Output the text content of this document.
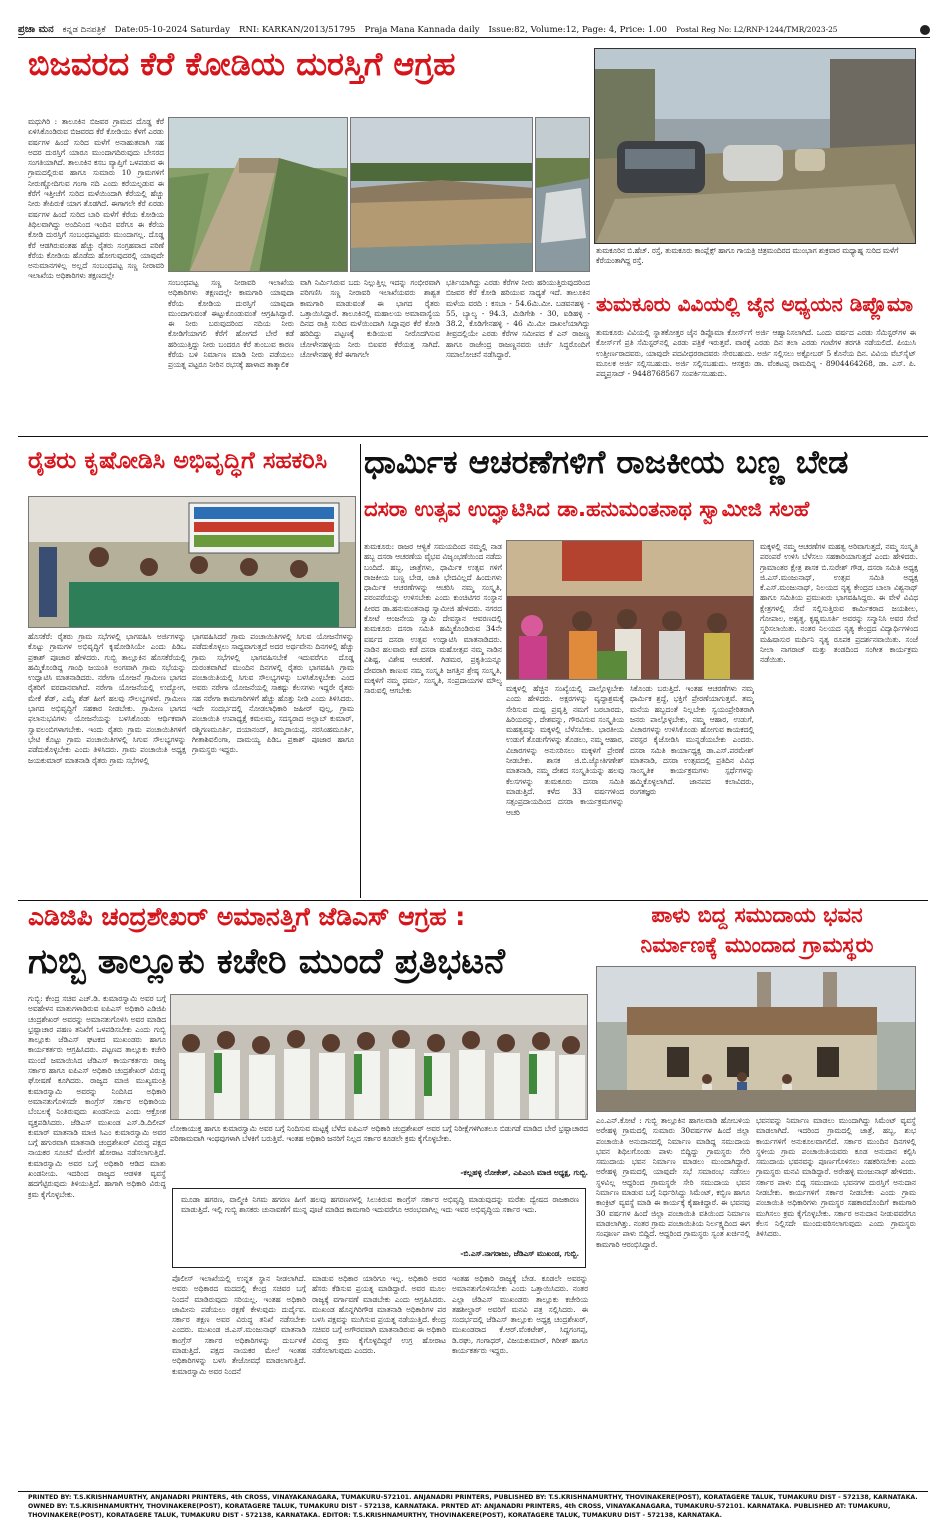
ಪ್ರಜಾ ಮನ ಕನ್ನಡ ದಿನಪತ್ರಿಕೆ Date:05-10-2024 Saturday RNI: KARKAN/2013/51795 Praja Mana Kannada daily Issue:82, Volume:12, Page: 4, Price: 1.00 Postal Reg No: L2/RNP-1244/TMR/2023-25
ಬಿಜವರದ ಕೆರೆ ಕೋಡಿಯ ದುರಸ್ತಿಗೆ ಆಗ್ರಹ
ಮಧುಗಿರಿ : ತಾಲೂಕಿನ ಬಿಜವರ ಗ್ರಾಮದ ದೊಡ್ಡ ಕೆರೆ ಏಳಿಸಿಕೊಂಡಿರುವ ಬಿಜವರದ ಕೆರೆ ಕೋಡಿಯು ಕೆಳಗೆ ಎರಡು ವರ್ಷಗಳ ಹಿಂದೆ ಸುರಿದ ಮಳೆಗೆ ಅನಾಹುತವಾಗಿ ಸಹ ಅದರ ದುರಸ್ತಿಗೆ ಯಾರೂ ಮುಂದಾಗದಿರುವುದು ಬೇಸರದ ಸಂಗತಿಯಾಗಿದೆ. ತಾಲೂಕಿನ ಕಸಬ ವ್ಯಾಪ್ತಿಗೆ ಒಳಪಡುವ ಈ ಗ್ರಾಮದಲ್ಲಿರುವ ಹಾಗೂ ಸುಮಾರು 10 ಗ್ರಾಮಗಳಿಗೆ ನೀರುಣ್ಣೋದಿಗುವ ಗಂಗಾ ನದಿ ಎಂದು ಕರೆಯಲ್ಪಡುವ ಈ ಕೆರೆಗೆ ಇತ್ತೀಚೆಗೆ ಸುರಿದ ಮಳೆಯಿಂದಾಗಿ ಕೆರೆಯಲ್ಲಿ ಹೆಚ್ಚು ನೀರು ತೇಪಿರುಕೆ ಯಾಗ ತೊಡಗಿದೆ. ಈಗಾಗಲೇ ಕೆರೆ ಏರಡು ವರ್ಷಗಳ ಹಿಂದೆ ಸುರಿದ ಬಾರಿ ಮಳೆಗೆ ಕೆರೆಯ ಕೋಡಿಯ ತಿಥಿಲವಾಗಿದ್ದು ಅಂದಿನಿಂದ ಇಂದಿನ ವರೆಗೂ ಈ ಕೆರೆಯ ಕೋಡಿ ದುರಸ್ತಿಗೆ ಸಂಬಂಧಪಟ್ಟವರು ಮುಂದಾಗಲ್ಲ. ದೊಡ್ಡ ಕೆರೆ ಆಡಗಿರುವಂತಹ ಹೆಚ್ಚು ರೈತರು ಸಂಗ್ರಹವಾದ ಪರಿಣೆ ಕೆರೆಯ ಕೋಡಿಯ ಹೊಡೆದು ಹೋಗುವುದರಲ್ಲಿ ಯಾವುದೇ ಅನುಮಾನಗಳಿಲ್ಲ ಅಲ್ಲದೆ ಸಂಬಂಧಪಟ್ಟ ಸಣ್ಣ ನೀರಾವರಿ ಇಲಾಖೆಯ ಅಧಿಕಾರಿಗಳು ತಕ್ಷಣದಲ್ಲೇ
ಸಂಬಂಧಪಟ್ಟ ಸಣ್ಣ ನೀರಾವರಿ ಇಲಾಖೆಯ ಅಧಿಕಾರಿಗಳು ತಕ್ಷಣದಲ್ಲೇ ಕಾಮಗಾರಿ ಯಾವುದಾ ಕೆರೆಯ ಕೋಡಿಯ ದುರಸ್ತಿಗೆ ಯಾವುದಾ ಮುಂದಾಗುವಂತೆ ಈಟ್ಟುಕೊಂಡುವಂತೆ ಆಗ್ರಹಿಸಿದ್ದಾರೆ. ಈ ನೀರು ಬರುವುದರಿಂದ ನದಿಯ ನೀರು ಕೋಡಿಗೆಯಾಗಲಿ ಕೆರೆಗೆ ಹೋಗದೆ ಬೇರೆ ಕಡೆ ಹರಿಯುತ್ತಿದ್ದು ನೀರು ಬಂದರೂ ಕೆರೆ ತುಂಬುವ ಕಾರಣ ಕೆರೆಯ ಬಳಿ ನಿರ್ಮಾಣ ಮಾಡಿ ನೀರು ಪಡೆಯಲು ಪ್ರಯತ್ನ ಪಟ್ಟರೂ ನೀರಿನ ರಭಸಕ್ಕೆ ಹಾಳಾದ ತಾತ್ಕಾಲಿಕ
ವಾಗಿ ನಿರ್ಮಿಸಿರುವ ಬದು ನಿಲ್ಲುತ್ತಿಲ್ಲ ಇದನ್ನು ಗಂಭೀರವಾಗಿ ಪರಿಗಣಿಸಿ ಸಣ್ಣ ನೀರಾವರಿ ಇಲಾಖೆಯವರು ಶಾಶ್ವತ ಕಾಮಗಾರಿ ಮಾಡುವಂತೆ ಈ ಭಾಗದ ರೈತರು ಒತ್ತಾಯಿಸಿದ್ದಾರೆ. ತಾಲೂಕಿನಲ್ಲಿ ಮಹಾಲಯ ಅಮಾವಾಸ್ಯೆಯ ದಿನದ ರಾತ್ರಿ ಸುರಿದ ಮಳೆಯಿಂದಾಗಿ ಸಿದ್ದಾಪುರ ಕೆರೆ ಕೋಡಿ ಹರಿದಿದ್ದು ಪಟ್ಟಣಕ್ಕೆ ಕುಡಿಯುವ ನೀರೊದಗಿಸುವ ಚೋಳೇನಹಳ್ಳಿಯ ನೀರು ಬಿಐವರ ಕೆರೆಯತ್ತ ಸಾಗಿದೆ. ಚೋಳೇನಹಳ್ಳಿ ಕೆರೆ ಈಗಾಗಲೇ
ಭರ್ತಿಯಾಗಿದ್ದು ಎರಡು ಕೆರೆಗಳ ನೀರು ಹರಿಯುತ್ತಿರುವುದರಿಂದ ಬಿಜವರ ಕೆರೆ ಕೋಡಿ ಹರಿಯುವ ಸಾಧ್ಯತೆ ಇದೆ. ತಾಲೂಕಿನ ಮಳೆಯ ವರದಿ : ಕಸಬಾ - 54.6ಮಿ.ಮೀ. ಬಡವನಹಳ್ಳಿ - 55, ಬ್ಯಾಲ್ಯ - 94.3, ಮಿಡಿಗೇಶಿ - 30, ಐಡಿಹಳ್ಳಿ - 38.2, ಕೊಡಿಗೇನಹಳ್ಳಿ - 46 ಮಿ.ಮೀ ದಾಖಲೆಯಾಗಿದ್ದು ತೀವ್ರದಲ್ಲಿಯೇ ಎರಡು ಕೆರೆಗಳ ಸಮೀಪದ ಕೆ ಎನ್ ರಾಜಣ್ಣ ಹಾಗೂ ರಾಜೇಂದ್ರ ರಾಜಣ್ಣನವರು ಚರ್ಚೆ ಸಿದ್ಧರೊಂದಿಗೆ ಸಮಾಲೋಚನೆ ನಡೆಸಿದ್ದಾರೆ.
ತುಮಕೂರಿನ ಬಿ.ಹೆಚ್. ರಸ್ತೆ, ತುಮಕೂರು ಕಾಂಪ್ಲೆಕ್ಸ್ ಹಾಗೂ ಗಾಯತ್ರಿ ಚಿತ್ರಮಂದಿರದ ಮುಂಭಾಗ ಶುಕ್ರವಾರ ಮಧ್ಯಾಹ್ನ ಸುರಿದ ಮಳೆಗೆ ಕೆರೆಯಂತಾಗಿದ್ದ ರಸ್ತೆ.
ತುಮಕೂರು ವಿವಿಯಲ್ಲಿ ಜೈನ ಅಧ್ಯಯನ ಡಿಪ್ಲೊಮಾ
ತುಮಕೂರು ವಿವಿಯಲ್ಲಿ ಸ್ನಾತಕೋತ್ತರ ಜೈನ ಡಿಪ್ಲೊಮಾ ಕೋರ್ಸ್‌ಗೆ ಅರ್ಜಿ ಆಹ್ವಾನಿಸಲಾಗಿದೆ. ಒಂದು ವರ್ಷದ ಎರಡು ಸೆಮಿಸ್ಟರ್‌ಗಳ ಈ ಕೋರ್ಸ್‌ಗೆ ಪ್ರತಿ ಸೆಮಿಸ್ಟರ್‌ನಲ್ಲಿ ಎರಡು ಪತ್ರಿಕೆ ಇರುತ್ತವೆ. ವಾರಕ್ಕೆ ಎರಡು ದಿನ ತಲಾ ಎರಡು ಗಂಟೆಗಳ ತರಗತಿ ನಡೆಯಲಿದೆ. ಪಿಯುಸಿ ಉತ್ತೀರ್ಣರಾದವರು, ಯಾವುದೇ ಪದವೀಧರರಾದವರು ಸೇರಬಹುದು. ಅರ್ಜಿ ಸಲ್ಲಿಸಲು ಅಕ್ಟೋಬರ್ 5 ಕೊನೆಯ ದಿನ. ವಿವಿಯ ವೆಬ್‌ಸೈಟ್ ಮೂಲಕ ಅರ್ಜಿ ಸಲ್ಲಿಸಬಹುದು. ಅರ್ಜಿ ಸಲ್ಲಿಸಬಹುದು. ಆಸಕ್ತರು ಡಾ. ವೆಂಕಟಪ್ಪ ರಾಮದಿನ್ನ - 8904464268, ಡಾ. ಎಸ್. ಪಿ. ಪದ್ಮಪ್ರಸಾದ್ - 9448768567 ಸಂಪರ್ಕಿಸಬಹುದು.
ರೈತರು ಕೃಷೋಡಿಸಿ ಅಭಿವೃದ್ಧಿಗೆ ಸಹಕರಿಸಿ
ಹೊಸಕೆರೆ: ರೈತರು ಗ್ರಾಮ ಸಭೆಗಳಲ್ಲಿ ಭಾಗವಹಿಸಿ ಅರ್ಜಿಗಳನ್ನು ಕೊಟ್ಟು ಗ್ರಾಮಗಳ ಅಭಿವೃದ್ಧಿಗೆ ಕೃಷೋಡಿಸಿಯೇ ಎಂದು ಪಿಡಿಒ ಪ್ರಕಾಶ್ ಪೂಜಾರ ಹೇಳಿದರು. ಗುಬ್ಬಿ ತಾಲ್ಲೂಕಿನ ಹೊಸಕೆರೆಯಲ್ಲಿ ಹಮ್ಮಿಕೊಂಡಿದ್ದ ಗಾಂಧಿ ಜಯಂತಿ ಅಂಗವಾಗಿ ಗ್ರಾಮ ಸಭೆಯನ್ನು ಉದ್ಘಾಟಿಸಿ ಮಾತನಾಡಿದರು. ನರೇಗಾ ಯೋಜನೆ ಗ್ರಾಮೀಣ ಭಾಗದ ರೈತರಿಗೆ ವರದಾನವಾಗಿದೆ. ನರೇಗಾ ಯೋಜನೆಯಲ್ಲಿ ಉದ್ಯೋಗ, ಮೇಕೆ ಶೆಡ್, ಎಮ್ಮೆ ಶೆಡ್ ಹೀಗೆ ಹಲವು ಸೌಲಭ್ಯಗಳಿವೆ. ಗ್ರಾಮೀಣ ಭಾಗದ ಅಭಿವೃದ್ಧಿಗೆ ಸಹಕಾರ ನೀಡಬೇಕು. ಗ್ರಾಮೀಣ ಭಾಗದ ಫಲಾನುಭವಿಗಳು ಯೋಜನೆಯನ್ನು ಬಳಸಿಕೊಂಡು ಆರ್ಥಿಕವಾಗಿ ಸ್ವಾವಲಂಬಿಗಳಾಗಬೇಕು. ಇಂದು ರೈತರು ಗ್ರಾಮ ಪಂಚಾಯಿತಿಗಳಿಗೆ ಭೇಟಿ ಕೊಟ್ಟು ಗ್ರಾಮ ಪಂಚಾಯಿತಿಗಳಲ್ಲಿ ಸಿಗುವ ಸೌಲಭ್ಯಗಳನ್ನು ಪಡೆದುಕೊಳ್ಳಬೇಕು ಎಂದು ತಿಳಿಸಿದರು. ಗ್ರಾಮ ಪಂಚಾಯಿತಿ ಅಧ್ಯಕ್ಷ ಜಯಕುಮಾರ್ ಮಾತನಾಡಿ ರೈತರು ಗ್ರಾಮ ಸಭೆಗಳಲ್ಲಿ
ಭಾಗವಹಿಸಿದರೆ ಗ್ರಾಮ ಪಂಚಾಯಿತಿಗಳಲ್ಲಿ ಸಿಗುವ ಯೋಜನೆಗಳನ್ನು ಪಡೆದುಕೊಳ್ಳಲು ಸಾಧ್ಯವಾಗುತ್ತದೆ ಅದರ ಅರ್ಥವೇನು ದಿನಗಳಲ್ಲಿ ಹೆಚ್ಚು ಗ್ರಾಮ ಸಭೆಗಳಲ್ಲಿ ಭಾಗವಹಿಸಬೇಕೆ ಇದುವರೆಗೂ ದೊಡ್ಡ ದುರಂತವಾಗಿದೆ ಮುಂದಿನ ದಿನಗಳಲ್ಲಿ ರೈತರು ಭಾಗವಹಿಸಿ ಗ್ರಾಮ ಪಂಚಾಯಿತಿಯಲ್ಲಿ ಸಿಗುವ ಸೌಲಭ್ಯಗಳನ್ನು ಬಳಸಿಕೊಳ್ಳಬೇಕು ಎಂದ ಅವರು ನರೇಗಾ ಯೋಜನೆಯಲ್ಲಿ ಸಾಕಷ್ಟು ಕೆಲಸಗಳು ಇದ್ದರೇ ರೈತರು ಸಹ ನರೇಗಾ ಕಾಮಗಾರಿಗಳಿಗೆ ಹೆಚ್ಚು ಹೊತ್ತು ನೀಡಿ ಎಂದು ತಿಳಿಸಿದರು. ಇದೇ ಸಂದರ್ಭದಲ್ಲಿ ನೋಡಲಾಧಿಕಾರಿ ಜಹೀರ್ ವುಲ್ಲ, ಗ್ರಾಮ ಪಂಚಾಯಿತಿ ಉಪಾಧ್ಯಕ್ಷೆ ಕಮಲಮ್ಮ, ಸದಸ್ಯರಾದ ಅಲ್ಲಾಬ್ ಕುಮಾರ್, ರಶ್ಮಿಗಣಮೂರ್ತಿ, ದಯಾನಂದ್, ತಿಮ್ಮರಾಯಪ್ಪ, ನರಸಿಂಹಮೂರ್ತಿ, ಗೀತಾಶಿವಲಿಂಗಾ, ದಾಮಯ್ಯ ಪಿಡಿಒ ಪ್ರಕಾಶ್ ಪೂಜಾರ ಹಾಗೂ ಗ್ರಾಮಸ್ಥರು ಇದ್ದರು.
ಧಾರ್ಮಿಕ ಆಚರಣೆಗಳಿಗೆ ರಾಜಕೀಯ ಬಣ್ಣ ಬೇಡ
ದಸರಾ ಉತ್ಸವ ಉದ್ಘಾಟಿಸಿದ ಡಾ.ಹನುಮಂತನಾಥ ಸ್ವಾಮೀಜಿ ಸಲಹೆ
ತುಮಕೂರು: ರಾಜರ ಆಳ್ವಿಕೆ ಸಮಯದಿಂದ ನಮ್ಮಲ್ಲಿ ನಾಡ ಹಬ್ಬ ದಸರಾ ಆಚರಣೆಯ ವೈಭವ ವಿಜೃಂಭಣೆಯಿಂದ ನಡೆದು ಬಂದಿದೆ. ಹಬ್ಬ, ಜಾತ್ರೆಗಳು, ಧಾರ್ಮಿಕ ಉತ್ಸವ ಗಳಿಗೆ ರಾಜಕೀಯ ಬಣ್ಣ ಬೇಡ, ಜಾತಿ ಭೇದವಿಲ್ಲದೆ ಹಿಂದುಗಳು ಧಾರ್ಮಿಕ ಆಚರಣೆಗಳನ್ನು ಆಚರಿಸಿ ನಮ್ಮ ಸಂಸ್ಕೃತಿ, ಪರಂಪರೆಯನ್ನು ಉಳಿಸಬೇಕು ಎಂದು ಕುಂಚಿಟಿಗರ ಸಂಸ್ಥಾನ ಪೀಠದ ಡಾ.ಹನುಮಂತನಾಥ ಸ್ವಾಮೀಜಿ ಹೇಳಿದರು. ನಗರದ ಕೋಟೆ ಆಂಜನೇಯ ಸ್ವಾಮಿ ದೇವಸ್ಥಾನ ಆವರಣದಲ್ಲಿ ತುಮಕೂರು ದಸರಾ ಸಮಿತಿ ಹಮ್ಮಿಕೊಂಡಿರುವ 34ನೇ ವರ್ಷದ ದಸರಾ ಉತ್ಸವ ಉದ್ಘಾಟಿಸಿ ಮಾತನಾಡಿದರು. ನಾಡಿನ ಹಲವಾರು ಕಡೆ ದಸರಾ ಮಹೋತ್ಸವ ನಮ್ಮ ನಾಡಿನ ವಿಶಿಷ್ಟ, ವಿಶೇಷ ಆಚರಣೆ. ಗಿಡಮರ, ಪ್ರಕೃತಿಯನ್ನೂ ದೇವರಾಗಿ ಕಾಣುವ ನಮ್ಮ ಸಂಸ್ಕೃತಿ ಜಗತ್ತಿನ ಶ್ರೇಷ್ಠ ಸಂಸ್ಕೃತಿ, ಮಕ್ಕಳಿಗೆ ನಮ್ಮ ಧರ್ಮ, ಸಂಸ್ಕೃತಿ, ಸಂಪ್ರದಾಯಗಳ ಮೌಲ್ಯ ಸಾರುವಲ್ಲಿ ಆಗಬೇಕು	ಮಕ್ಕಳಲ್ಲಿ ಹೆಚ್ಚಿನ ಸಂಖ್ಯೆಯಲ್ಲಿ ಪಾಲ್ಗೊಳ್ಳಬೇಕು ಎಂದು ಹೇಳಿದರು. ಅಕ್ಷರಗಳನ್ನು ವೃದ್ಧಾಶ್ರಮಕ್ಕೆ ಸೇರಿಸುವ ದುಷ್ಟ ಪ್ರವೃತ್ತಿ ನಮಗೆ ಬರಬಾರದು, ಹಿರಿಯರನ್ನು, ದೇಶವನ್ನು, ಗೌರವಿಸುವ ಸಂಸ್ಕೃತಿಯ ಮಹತ್ವವನ್ನು ಮಕ್ಕಳಲ್ಲಿ ಬೆಳೆಸಬೇಕು. ಭಾರತೀಯ ಉಡುಗೆ ತೊಡುಗೆಗಳನ್ನು ತೊಡಲು, ನಮ್ಮ ಆಹಾರ, ವಿಚಾರಗಳನ್ನು ಅನುಸರಿಸಲು ಮಕ್ಕಳಿಗೆ ಪ್ರೇರಣೆ ನೀಡಬೇಕು. ಶಾಸಕ ಜಿ.ಬಿ.ಜ್ಯೋತಿಗಣೇಶ್ ಮಾತನಾಡಿ, ನಮ್ಮ ದೇಶದ ಸಂಸ್ಕೃತಿಯನ್ನು ಹಲವು ಕೆಲಸಗಳನ್ನು ತುಮಕೂರು ದಸರಾ ಸಮಿತಿ ಮಾಡುತ್ತಿದೆ. ಕಳೆದ 33 ವರ್ಷಗಳಿಂದ ಸತ್ಸಂಪ್ರದಾಯದಿಂದ ದಸರಾ ಕಾರ್ಯಕ್ರಮಗಳನ್ನು ಆಚರಿ
ಸಿಕೊಂಡು ಬರುತ್ತಿದೆ. ಇಂತಹ ಆಚರಣೆಗಳು ನಮ್ಮ ಧಾರ್ಮಿಕ ಶ್ರದ್ಧೆ, ಭಕ್ತಿಗೆ ಪ್ರೇರಣೆಯಾಗುತ್ತವೆ. ತಮ್ಮ ಮನೆಯ ಹಬ್ಬದಂತೆ ನಿಲ್ಲಬೇಕು ಸ್ವಯಂಪ್ರೇರಿತರಾಗಿ ಜನರು ಪಾಲ್ಗೊಳ್ಳಬೇಕು, ನಮ್ಮ ಆಹಾರ, ಉಡುಗೆ, ವಿಚಾರಗಳನ್ನು ಉಳಿಸಿಕೊಂಡು ಹೋಗುವ ಕಾಯಕದಲ್ಲಿ ಪರಸ್ಪರ ಕೈಜೋಡಿಸಿ ಮುನ್ನಡೆಯಬೇಕು ಎಂದರು. ದಸರಾ ಸಮಿತಿ ಕಾರ್ಯಾಧ್ಯಕ್ಷ ಡಾ.ಎಸ್.ಪರಮೇಶ್ ಮಾತನಾಡಿ, ದಸರಾ ಉತ್ಸವದಲ್ಲಿ ಪ್ರತಿದಿನ ವಿವಿಧ ಸಾಂಸ್ಕೃತಿಕ ಕಾರ್ಯಕ್ರಮಗಳು ಸ್ಪರ್ಧೆಗಳನ್ನು ಹಮ್ಮಿಕೊಳ್ಳಲಾಗಿದೆ. ಜಾನಪದ ಕಲಾವಿದರು, ರಂಗತಜ್ಞರು
ಮಕ್ಕಳಲ್ಲಿ ನಮ್ಮ ಆಚರಣೆಗಳ ಮಹತ್ವ ಅರಿವಾಗುತ್ತದೆ, ನಮ್ಮ ಸಂಸ್ಕೃತಿ ಪರಂಪರೆ ಉಳಿಸಿ ಬೆಳೆಸಲು ಸಹಕಾರಿಯಾಗುತ್ತದೆ ಎಂದು ಹೇಳಿದರು. ಗ್ರಾಮಾಂತರ ಕ್ಷೇತ್ರ ಶಾಸಕ ಬಿ.ಸುರೇಶ್ ಗೌಡ, ದಸರಾ ಸಮಿತಿ ಅಧ್ಯಕ್ಷ ಜಿ.ಎಸ್.ಮಂಜುನಾಥ್, ಉತ್ಸವ ಸಮಿತಿ ಅಧ್ಯಕ್ಷ ಕೆ.ಎಸ್.ಮಂಜುನಾಥ್, ನಿಲಯದ ನೃತ್ಯ ಕೇಂದ್ರದ ಬಾಲಾ ವಿಶ್ವನಾಥ್ ಹಾಗೂ ಸಮಿತಿಯ ಪ್ರಮುಖರು ಭಾಗವಹಿಸಿದ್ದರು. ಈ ವೇಳೆ ವಿವಿಧ ಕ್ಷೇತ್ರಗಳಲ್ಲಿ ಸೇವೆ ಸಲ್ಲಿಸುತ್ತಿರುವ ಕಾರ್ಮಿಕರಾದ ಜಯಶೀಲ, ಗೋಪಾಲ, ಅಶ್ವತ್ಥ, ಕೃಷ್ಣಮೂರ್ತಿ ಅವರನ್ನು ಸನ್ಮಾನಿಸಿ ಅವರ ಸೇವೆ ಸ್ಮರಿಸಲಾಯಿತು. ನಂತರ ನಿಲಯದ ನೃತ್ಯ ಕೇಂದ್ರದ ವಿದ್ಯಾರ್ಥಿಗಳಿಂದ ಮಹಿಷಾಸುರ ಮರ್ದಿನಿ ನೃತ್ಯ ರೂಪಕ ಪ್ರದರ್ಶನವಾಯಿತು. ಸಂಜೆ ನೀಲಾ ನಾಗರಾಜ್ ಮತ್ತು ತಂಡದಿಂದ ಸಂಗೀತ ಕಾರ್ಯಕ್ರಮ ನಡೆಯಿತು.
ಎಡಿಜಿಪಿ ಚಂದ್ರಶೇಖರ್ ಅಮಾನತ್ತಿಗೆ ಜೆಡಿಎಸ್ ಆಗ್ರಹ :
ಗುಬ್ಬಿ ತಾಲ್ಲೂಕು ಕಚೇರಿ ಮುಂದೆ ಪ್ರತಿಭಟನೆ
ಗುಬ್ಬಿ: ಕೇಂದ್ರ ಸಚಿವ ಎಚ್.ಡಿ. ಕುಮಾರಸ್ವಾಮಿ ಅವರ ಬಗ್ಗೆ ಅವಹೇಳನ ಮಾತುಗಳಾಡಿರುವ ಐಪಿಎಸ್ ಅಧಿಕಾರಿ ಎಡಿಜಿಪಿ ಚಂದ್ರಶೇಖರ್ ಅವರನ್ನು ಅಮಾನತುಗೊಳಿಸಿ ಅವರ ಮಾಡಿದ ಭ್ರಷ್ಟಾಚಾರ ಪಹಣ ತನಿಖೆಗೆ ಒಳಪಡಿಸಬೇಕು ಎಂದು ಗುಬ್ಬಿ ತಾಲ್ಲೂಕು ಜೆಡಿಎಸ್ ಘಟಕದ ಮುಖಂಡರು ಹಾಗೂ ಕಾರ್ಯಕರ್ತರು ಆಗ್ರಹಿಸಿದರು. ಪಟ್ಟಣದ ತಾಲ್ಲೂಕು ಕಚೇರಿ ಮುಂದೆ ಜಮಾಯಿಸಿದ ಜೆಡಿಎಸ್ ಕಾರ್ಯಕರ್ತರು ರಾಜ್ಯ ಸರ್ಕಾರ ಹಾಗೂ ಐಪಿಎಸ್ ಅಧಿಕಾರಿ ಚಂದ್ರಶೇಖರ್ ವಿರುದ್ಧ ಘೋಷಣೆ ಕೂಗಿದರು. ರಾಜ್ಯದ ಮಾಜಿ ಮುಖ್ಯಮಂತ್ರಿ ಕುಮಾರಸ್ವಾಮಿ ಅವರನ್ನು ನಿಂದಿಸಿದ ಅಧಿಕಾರಿ ಅಮಾನತುಗೊಳಿಸದೇ ಕಾಂಗ್ರೆಸ್ ಸರ್ಕಾರ ಅಧಿಕಾರಿಯ ಬೆಂಬಲಕ್ಕೆ ನಿಂತಿರುವುದು ಖಂಡನೀಯ ಎಂದು ಆಕ್ರೋಶ ವ್ಯಕ್ತಪಡಿಸಿದರು. ಜೆಡಿಎಸ್ ಮುಖಂಡ ಎಸ್.ಡಿ.ದಿಲೀಪ್ ಕುಮಾರ್ ಮಾತನಾಡಿ ಮಾಜಿ ಸಿಎಂ ಕುಮಾರಸ್ವಾಮಿ ಅವರ ಬಗ್ಗೆ ಹಗುರವಾಗಿ ಮಾತನಾಡಿ ಚಂದ್ರಶೇಖರ್ ವಿರುದ್ಧ ಪಕ್ಷದ ನಾಯಕರ ಸೂಚನೆ ಮೇರೆಗೆ ಹೋರಾಟ ನಡೆಸಲಾಗುತ್ತಿದೆ. ಕುಮಾರಸ್ವಾಮಿ ಅವರ ಬಗ್ಗೆ ಅಧಿಕಾರಿ ಆಡಿದ ಮಾತು ಖಂಡನೀಯ. ಇದರಿಂದ ರಾಜ್ಯದ ಆಡಳಿತ ವ್ಯವಸ್ಥೆ ಹದಗೆಟ್ಟಿರುವುದು ತಿಳಿಯುತ್ತಿದೆ. ಹಾಗಾಗಿ ಅಧಿಕಾರಿ ವಿರುದ್ಧ ಕ್ರಮ ಕೈಗೊಳ್ಳಬೇಕು.
ಲೋಕಾಯುಕ್ತ ಹಾಗೂ ಕುಮಾರಸ್ವಾಮಿ ಅವರ ಬಗ್ಗೆ ನಿಂದಿಸುವ ಮಟ್ಟಕ್ಕೆ ಬೆಳೆದ ಐಪಿಎಸ್ ಅಧಿಕಾರಿ ಚಂದ್ರಶೇಖರ್ ಅವರ ಬಗ್ಗೆ ನಿರೀಕ್ಷೆಗಳಿಗಿಂತಲೂ ಬಿಡುಗಡೆ ಮಾಡಿದ ಬೇರೆ ಭ್ರಷ್ಟಾಚಾರದ ಪರಿಣಾಮವಾಗಿ ಇಂಥವುಗಳಾಗಿ ಬೆಳಕಿಗೆ ಬರುತ್ತಿವೆ. ಇಂತಹ ಅಧಿಕಾರಿ ಜನರಿಗೆ ನಿಲ್ಲದ ಸರ್ಕಾರ ಕೂಡಲೇ ಕ್ರಮ ಕೈಗೊಳ್ಳಬೇಕು.
-ಕಲ್ಲಹಳ್ಳಿ ಲೋಕೇಶ್, ಎಪಿಎಂಸಿ ಮಾಜಿ ಅಧ್ಯಕ್ಷ, ಗುಬ್ಬಿ.
ಮೂಡಾ ಹಗರಣ, ವಾಲ್ಮೀಕಿ ನಿಗಮ ಹಗರಣ ಹೀಗೆ ಹಲವು ಹಗರಣಗಳಲ್ಲಿ ಸಿಲುಕಿರುವ ಕಾಂಗ್ರೆಸ್ ಸರ್ಕಾರ ಅಭಿವೃದ್ಧಿ ಮಾಡುವುದನ್ನು ಮರೆತು ದ್ವೇಷದ ರಾಜಕಾರಣ ಮಾಡುತ್ತಿದೆ. ಇಲ್ಲಿ ಗುಬ್ಬಿ ಶಾಸಕರು ಚುನಾವಣೆಗೆ ಮುನ್ನ ಪೂಜೆ ಮಾಡಿದ ಕಾಮಗಾರಿ ಇದುವರೆಗೂ ಆರಂಭವಾಗಿಲ್ಲ ಇದು ಇವರ ಅಭಿವೃದ್ಧಿಯ ಸರ್ಕಾರ ಇದು.
-ಬಿ.ಎಸ್.ನಾಗರಾಜು, ಜೆಡಿಎಸ್ ಮುಖಂಡ, ಗುಬ್ಬಿ.
ಪೊಲೀಸ್ ಇಲಾಖೆಯಲ್ಲಿ ಉನ್ನತ ಸ್ಥಾನ ನೀಡಲಾಗಿದೆ. ಅವರು ಅಧಿಕಾರದ ಮದದಲ್ಲಿ ಕೇಂದ್ರ ಸಚಿವರ ಬಗ್ಗೆ ನಿಂದನೆ ಮಾಡಿರುವುದು ಸರಿಯಲ್ಲ. ಇಂತಹ ಅಧಿಕಾರಿ ಜಾಮೀನು ಪಡೆಯಲು ರಕ್ಷಣೆ ಕೇಳುವುದು ದುರ್ದೈವ. ಸರ್ಕಾರ ತಕ್ಷಣ ಅವರ ವಿರುದ್ಧ ತನಿಖೆ ನಡೆಸಬೇಕು ಎಂದರು. ಮುಖಂಡ ಜಿ.ಎಸ್.ಮಂಜುನಾಥ್ ಮಾತನಾಡಿ ಕಾಂಗ್ರೆಸ್ ಸರ್ಕಾರ ಅಧಿಕಾರಿಗಳನ್ನು ದುರ್ಬಳಕೆ ಮಾಡುತ್ತಿದೆ. ಪಕ್ಷದ ನಾಯಕರ ಮೇಲೆ ಇಂತಹ ಅಧಿಕಾರಿಗಳನ್ನು ಬಳಸಿ ತೇಜೋವಧೆ ಮಾಡಲಾಗುತ್ತಿದೆ. ಕುಮಾರಸ್ವಾಮಿ ಅವರ ನಿಂದನೆ
ಮಾಡುವ ಅಧಿಕಾರ ಯಾರಿಗೂ ಇಲ್ಲ. ಅಧಿಕಾರಿ ಅವರ ಹೆಸರು ಕೆಡಿಸುವ ಪ್ರಯತ್ನ ಮಾಡಿದ್ದಾರೆ. ಅವರ ಮೂಲ ರಾಜ್ಯಕ್ಕೆ ವರ್ಗಾವಣೆ ಮಾಡಬೇಕು ಎಂದು ಆಗ್ರಹಿಸಿದರು. ಮುಖಂಡ ಹೊನ್ನಗಿರಿಗೌಡ ಮಾತನಾಡಿ ಅಧಿಕಾರಿಗಳ ಪರ ಬಳಸಿ ಪಕ್ಷವನ್ನು ಮುಗಿಸುವ ಪ್ರಯತ್ನ ನಡೆಯುತ್ತಿದೆ. ಕೇಂದ್ರ ಸಚಿವರ ಬಗ್ಗೆ ಅಗೌರವವಾಗಿ ಮಾತನಾಡಿರುವ ಈ ಅಧಿಕಾರಿ ವಿರುದ್ಧ ಕ್ರಮ ಕೈಗೊಳ್ಳದಿದ್ದರೆ ಉಗ್ರ ಹೋರಾಟ ನಡೆಸಲಾಗುವುದು ಎಂದರು.
ಇಂತಹ ಅಧಿಕಾರಿ ರಾಜ್ಯಕ್ಕೆ ಬೇಡ. ಕೂಡಲೇ ಅವರನ್ನು ಅಮಾನತುಗೊಳಿಸಬೇಕು ಎಂದು ಒತ್ತಾಯಿಸಿದರು. ನಂತರ ಎಲ್ಲಾ ಜೆಡಿಎಸ್ ಮುಖಂಡರು ತಾಲ್ಲೂಕು ಕಚೇರಿಯ ತಹಶೀಲ್ದಾರ್ ಅವರಿಗೆ ಮನವಿ ಪತ್ರ ಸಲ್ಲಿಸಿದರು. ಈ ಸಂದರ್ಭದಲ್ಲಿ ಜೆಡಿಎಸ್ ತಾಲ್ಲೂಕು ಅಧ್ಯಕ್ಷ ಚಂದ್ರಶೇಖರ್, ಮುಖಂಡರಾದ ಕೆ.ಆರ್.ವೆಂಕಟೇಶ್, ಸಿದ್ದಗಂಗಪ್ಪ, ಡಿ.ರಘು, ಗಂಗಾಧರ್, ವಿಜಯಕುಮಾರ್, ಗಿರೀಶ್ ಹಾಗೂ ಕಾರ್ಯಕರ್ತರು ಇದ್ದರು.
ಪಾಳು ಬಿದ್ದ ಸಮುದಾಯ ಭವನ
ನಿರ್ಮಾಣಕ್ಕೆ ಮುಂದಾದ ಗ್ರಾಮಸ್ಥರು
ಎಂ.ಎನ್.ಕೋಟೆ : ಗುಬ್ಬಿ ತಾಲ್ಲೂಕಿನ ಹಾಗಲವಾಡಿ ಹೋಬಳಿಯ ಅರೇಹಳ್ಳಿ ಗ್ರಾಮದಲ್ಲಿ ಸುಮಾರು 30ವರ್ಷಗಳ ಹಿಂದೆ ಜಿಲ್ಲಾ ಪಂಚಾಯಿತಿ ಅನುದಾನದಲ್ಲಿ ನಿರ್ಮಾಣ ಮಾಡಿದ್ದ ಸಮುದಾಯ ಭವನ ಶಿಥಿಲಗೊಂಡು ಪಾಳು ಬಿದ್ದಿದ್ದು ಗ್ರಾಮಸ್ಥರು ಸೇರಿ ಸಮುದಾಯ ಭವನ ನಿರ್ಮಾಣ ಮಾಡಲು ಮುಂದಾಗಿದ್ದಾರೆ. ಅರೇಹಳ್ಳಿ ಗ್ರಾಮದಲ್ಲಿ ಯಾವುದೇ ಸಭೆ ಸಮಾರಂಭ ನಡೆಸಲು ಸ್ಥಳವಿಲ್ಲ ಆದ್ದರಿಂದ ಗ್ರಾಮಸ್ಥರೇ ಸೇರಿ ಸಮುದಾಯ ಭವನ ನಿರ್ಮಾಣ ಮಾಡುವ ಬಗ್ಗೆ ನಿರ್ಧರಿಸಿದ್ದು ಸಿಮೆಂಟ್, ಕಬ್ಬಿಣ ಹಾಗೂ ಕಾಂಕ್ರಿಟ್ ವ್ಯವಸ್ಥೆ ಮಾಡಿ ಈ ಕಾರ್ಯಕ್ಕೆ ಕೈಹಾಕಿದ್ದಾರೆ. ಈ ಭವನವು 30 ವರ್ಷಗಳ ಹಿಂದೆ ಜಿಲ್ಲಾ ಪಂಚಾಯಿತಿ ವತಿಯಿಂದ ನಿರ್ಮಾಣ ಮಾಡಲಾಗಿತ್ತು. ನಂತರ ಗ್ರಾಮ ಪಂಚಾಯಿತಿಯ ನಿರ್ಲಕ್ಷ್ಯದಿಂದ ಈಗ ಸಂಪೂರ್ಣ ಪಾಳು ಬಿದ್ದಿದೆ. ಆದ್ದರಿಂದ ಗ್ರಾಮಸ್ಥರು ಸ್ವಂತ ಖರ್ಚಿನಲ್ಲಿ ಕಾಮಗಾರಿ ಆರಂಭಿಸಿದ್ದಾರೆ.
ಭವನವನ್ನು ನಿರ್ಮಾಣ ಮಾಡಲು ಮುಂದಾಗಿದ್ದು ಸಿಮೆಂಟ್ ವ್ಯವಸ್ಥೆ ಮಾಡಲಾಗಿದೆ. ಇದರಿಂದ ಗ್ರಾಮದಲ್ಲಿ ಜಾತ್ರೆ, ಹಬ್ಬ, ಶುಭ ಕಾರ್ಯಗಳಿಗೆ ಅನುಕೂಲವಾಗಲಿದೆ. ಸರ್ಕಾರ ಮುಂದಿನ ದಿನಗಳಲ್ಲಿ ಸ್ಥಳೀಯ ಗ್ರಾಮ ಪಂಚಾಯಿತಿಯವರು ಕೂಡ ಅನುದಾನ ಕಲ್ಪಿಸಿ ಸಮುದಾಯ ಭವನವನ್ನು ಪೂರ್ಣಗೊಳಿಸಲು ಸಹಕರಿಸಬೇಕು ಎಂದು ಗ್ರಾಮಸ್ಥರು ಮನವಿ ಮಾಡಿದ್ದಾರೆ. ಅರೇಹಳ್ಳಿ ಮಂಜುನಾಥ್ ಹೇಳಿದರು. ಸರ್ಕಾರ ಪಾಳು ಬಿದ್ದ ಸಮುದಾಯ ಭವನಗಳ ದುರಸ್ತಿಗೆ ಅನುದಾನ ನೀಡಬೇಕು. ಕಾರ್ಯಗಳಿಗೆ ಸರ್ಕಾರ ನೀಡಬೇಕು ಎಂದು ಗ್ರಾಮ ಪಂಚಾಯಿತಿ ಅಧಿಕಾರಿಗಳು ಗ್ರಾಮಸ್ಥರ ಸಹಕಾರದೊಂದಿಗೆ ಕಾಮಗಾರಿ ಮುಗಿಸಲು ಕ್ರಮ ಕೈಗೊಳ್ಳಬೇಕು. ಸರ್ಕಾರ ಅನುದಾನ ನೀಡುವವರೆಗೂ ಕೆಲಸ ನಿಲ್ಲಿಸದೇ ಮುಂದುವರಿಸಲಾಗುವುದು ಎಂದು ಗ್ರಾಮಸ್ಥರು ತಿಳಿಸಿದರು.
PRINTED BY: T.S.KRISHNAMURTHY, ANJANADRI PRINTERS, 4th CROSS, VINAYAKANAGARA, TUMAKURU-572101. ANJANADRI PRINTERS, PUBLISHED BY: T.S.KRISHNAMURTHY, THOVINAKERE(POST), KORATAGERE TALUK, TUMAKURU DIST - 572138, KARNATAKA. OWNED BY: T.S.KRISHNAMURTHY, THOVINAKERE(POST), KORATAGERE TALUK, TUMAKURU DIST - 572138, KARNATAKA. PRNTED AT: ANJANADRI PRINTERS, 4th CROSS, VINAYAKANAGARA, TUMAKURU-572101. KARNATAKA. PUBLISHED AT: TUMAKURU, THOVINAKERE(POST), KORATAGERE TALUK, TUMAKURU DIST - 572138, KARNATAKA. EDITOR: T.S.KRISHNAMURTHY, THOVINAKERE(POST), KORATAGERE TALUK, TUMAKURU DIST - 572138, KARNATAKA.
